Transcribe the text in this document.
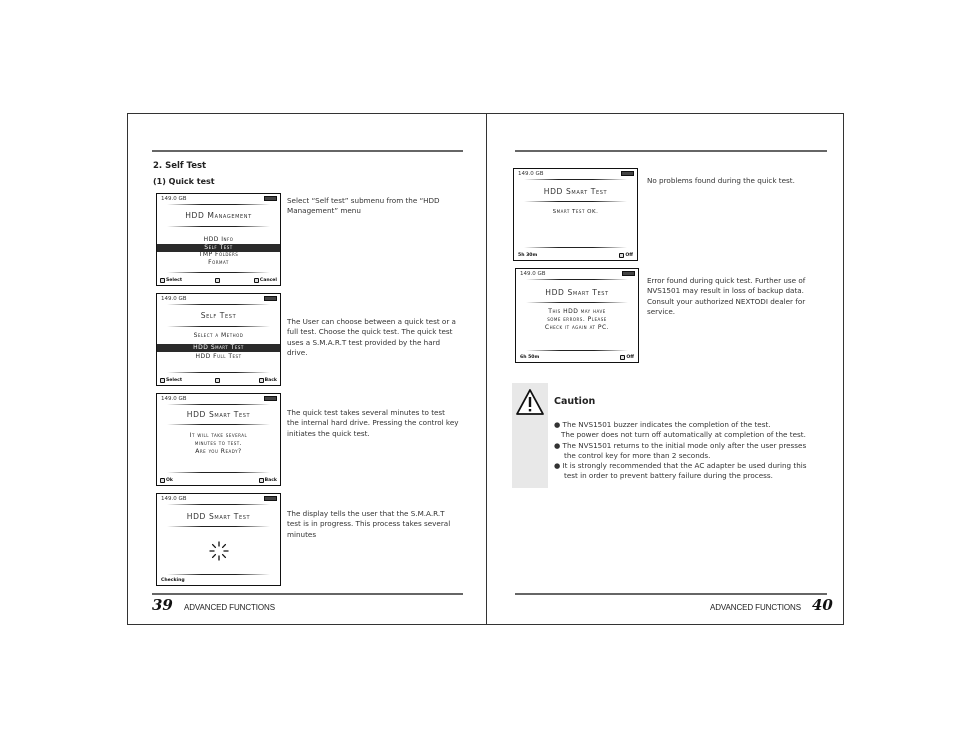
2. Self Test
(1) Quick test
149.0 GB
HDD Management
HDD Info
Self Test
TMP Folders
Format
Select	Cancel
Select “Self test” submenu from the “HDD Management” menu
149.0 GB
Self Test
Select a Method
HDD Smart Test
HDD Full Test
Select	Back
The User can choose between a quick test or a full test. Choose the quick test. The quick test uses a S.M.A.R.T test provided by the hard drive.
149.0 GB
HDD Smart Test
It will take several
minutes to test.
Are you Ready?
Ok	Back
The quick test takes several minutes to test the internal hard drive. Pressing the control key initiates the quick test.
149.0 GB
HDD Smart Test
Checking
The display tells the user that the S.M.A.R.T test is in progress. This process takes several minutes
39 ADVANCED FUNCTIONS
149.0 GB
HDD Smart Test
Smart Test OK.
5h 30m	Off
No problems found during the quick test.
149.0 GB
HDD Smart Test
This HDD may have
some errors. Please
Check it again at PC.
6h 50m	Off
Error found during quick test. Further use of NVS1501 may result in loss of backup data. Consult your authorized NEXTODI dealer for service.
Caution
● The NVS1501 buzzer indicates the completion of the test.
The power does not turn off automatically at completion of the test.
● The NVS1501 returns to the initial mode only after the user presses
the control key for more than 2 seconds.
● It is strongly recommended that the AC adapter be used during this
test in order to prevent battery failure during the process.
ADVANCED FUNCTIONS 40
